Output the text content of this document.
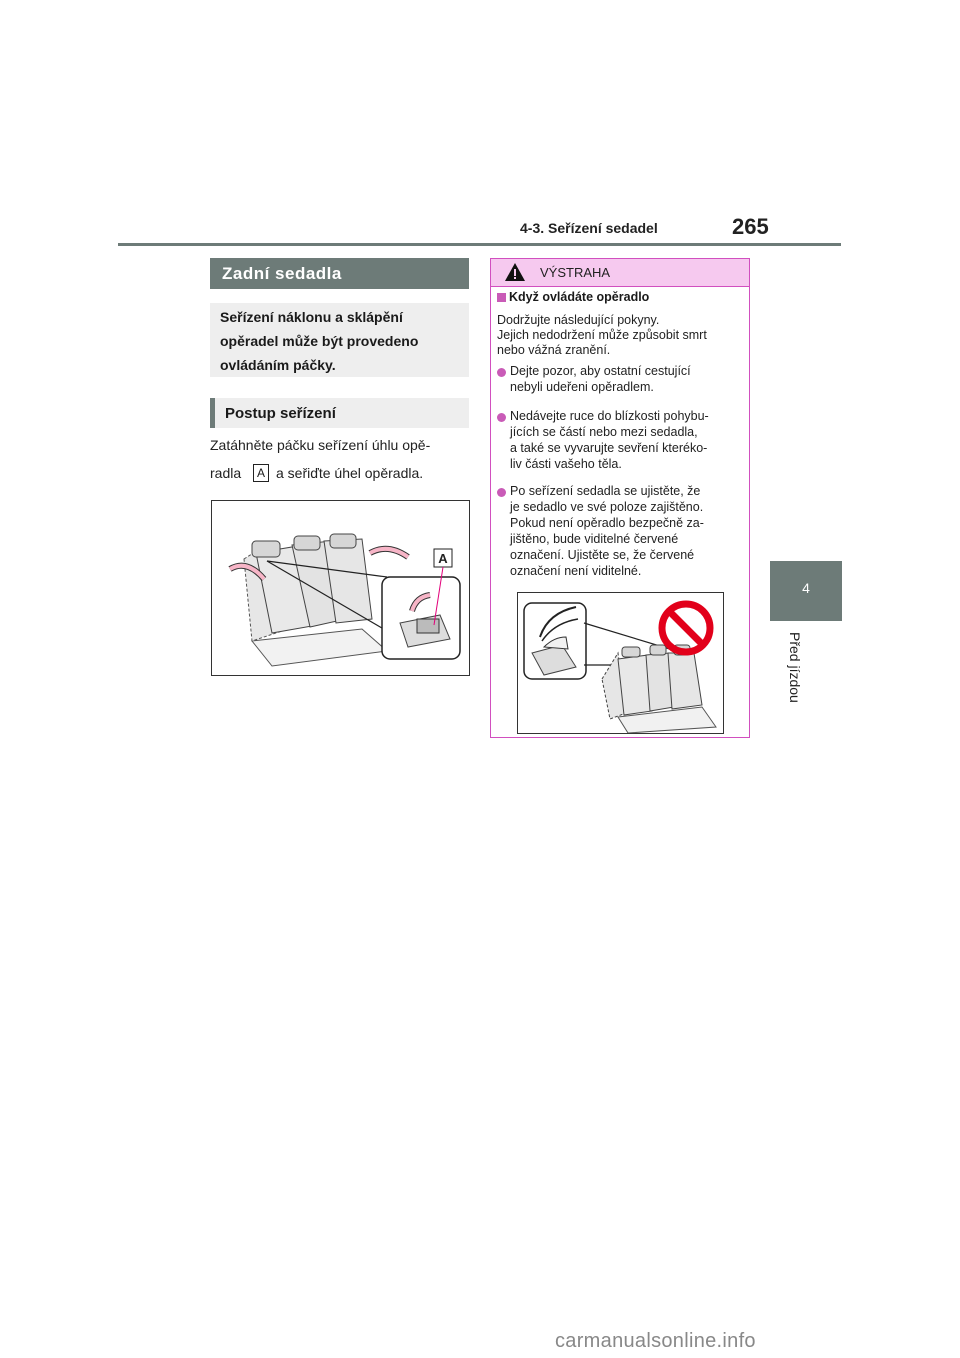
4-3. Seřízení sedadel	265
4
Před jízdou
Zadní sedadla
Seřízení náklonu a sklápění
opěradel může být provedeno
ovládáním páčky.
Postup seřízení
Zatáhněte páčku seřízení úhlu opě-
radla	A a seřiďte úhel opěradla.
A
VÝSTRAHA
Když ovládáte opěradlo
Dodržujte následující pokyny.
Jejich nedodržení může způsobit smrt
nebo vážná zranění.
Dejte pozor, aby ostatní cestující
nebyli udeřeni opěradlem.
Nedávejte ruce do blízkosti pohybu-
jících se částí nebo mezi sedadla,
a také se vyvarujte sevření kteréko-
liv části vašeho těla.
Po seřízení sedadla se ujistěte, že
je sedadlo ve své poloze zajištěno.
Pokud není opěradlo bezpečně za-
jištěno, bude viditelné červené
označení. Ujistěte se, že červené
označení není viditelné.
carmanualsonline.info
